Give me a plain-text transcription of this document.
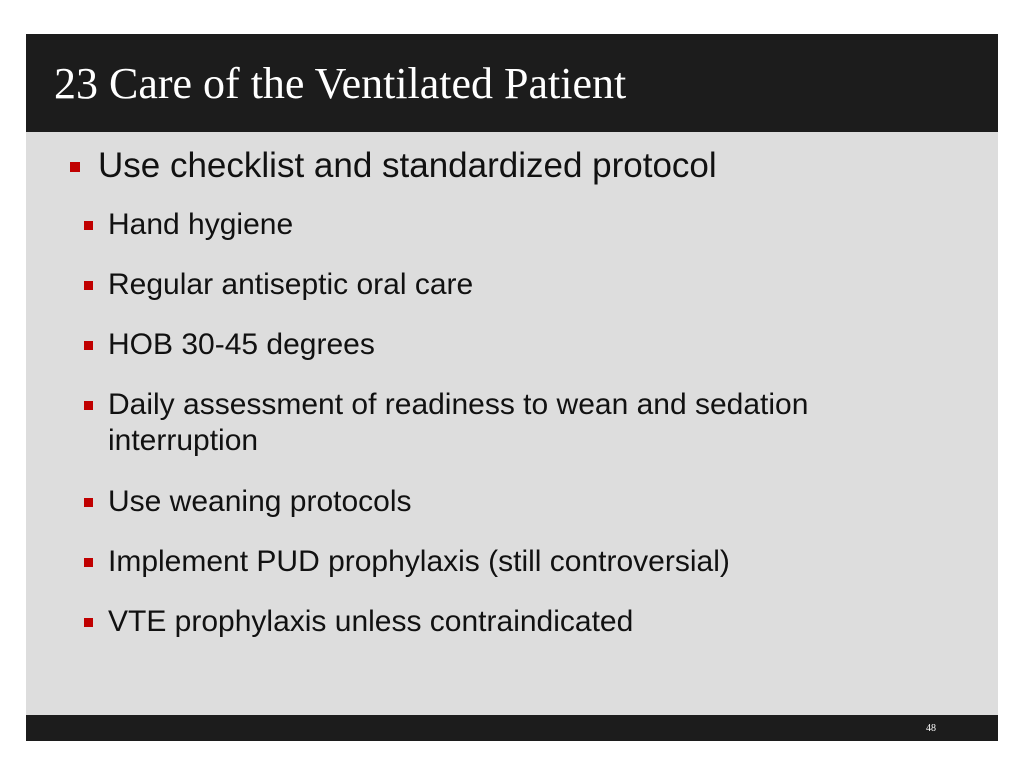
23 Care of the Ventilated Patient
Use checklist and standardized protocol
Hand hygiene
Regular antiseptic oral care
HOB 30-45 degrees
Daily assessment of readiness to wean and sedation interruption
Use weaning protocols
Implement PUD prophylaxis (still controversial)
VTE prophylaxis unless contraindicated
48
